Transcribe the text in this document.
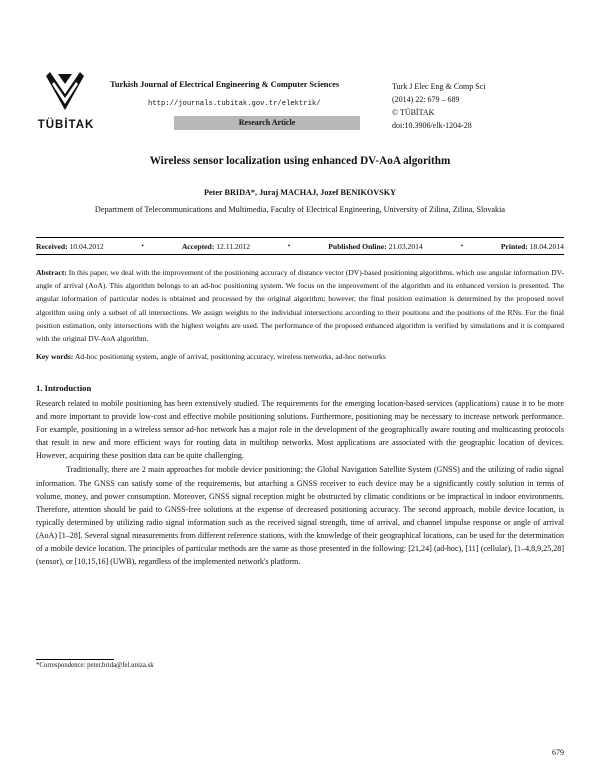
TÜBİTAK
Turkish Journal of Electrical Engineering & Computer Sciences
http://journals.tubitak.gov.tr/elektrik/
Research Article
Turk J Elec Eng & Comp Sci
(2014) 22: 679 – 689
© TÜBİTAK
doi:10.3906/elk-1204-28
Wireless sensor localization using enhanced DV-AoA algorithm
Peter BRIDA*, Juraj MACHAJ, Jozef BENIKOVSKY
Department of Telecommunications and Multimedia, Faculty of Electrical Engineering, University of Zilina, Zilina, Slovakia
Received: 10.04.2012	•	Accepted: 12.11.2012	•	Published Online: 21.03.2014	•	Printed: 18.04.2014
Abstract: In this paper, we deal with the improvement of the positioning accuracy of distance vector (DV)-based positioning algorithms, which use angular information DV- angle of arrival (AoA). This algorithm belongs to an ad-hoc positioning system. We focus on the improvement of the algorithm and its enhanced version is presented. The angular information of particular nodes is obtained and processed by the original algorithm; however, the final position estimation is determined by the proposed novel algorithm using only a subset of all intersections. We assign weights to the individual intersections according to their positions and the positions of the RNs. For the final position estimation, only intersections with the highest weights are used. The performance of the proposed enhanced algorithm is verified by simulations and it is compared with the original DV-AoA algorithm.
Key words: Ad-hoc positioning system, angle of arrival, positioning accuracy, wireless networks, ad-hoc networks
1. Introduction

Research related to mobile positioning has been extensively studied. The requirements for the emerging location-based services (applications) cause it to be more and more important to provide low-cost and effective mobile positioning solutions. Furthermore, positioning may be necessary to increase network performance. For example, positioning in a wireless sensor ad-hoc network has a major role in the development of the geographically aware routing and multicasting protocols that result in new and more efficient ways for routing data in multihop networks. Most applications are associated with the geographic location of devices. However, acquiring these position data can be quite challenging.

Traditionally, there are 2 main approaches for mobile device positioning: the Global Navigation Satellite System (GNSS) and the utilizing of radio signal information. The GNSS can satisfy some of the requirements, but attaching a GNSS receiver to each device may be a significantly costly solution in terms of volume, money, and power consumption. Moreover, GNSS signal reception might be obstructed by climatic conditions or be impractical in indoor environments. Therefore, attention should be paid to GNSS-free solutions at the expense of decreased positioning accuracy. The second approach, mobile device location, is typically determined by utilizing radio signal information such as the received signal strength, time of arrival, and channel impulse response or angle of arrival (AoA) [1–28]. Several signal measurements from different reference stations, with the knowledge of their geographical locations, can be used for the determination of a mobile device location. The principles of particular methods are the same as those presented in the following: [21,24] (ad-hoc), [11] (cellular), [1–4,8,9,25,28] (sensor), or [10,15,16] (UWB), regardless of the implemented network's platform.

*Correspondence: peter.brida@fel.uniza.sk
679
